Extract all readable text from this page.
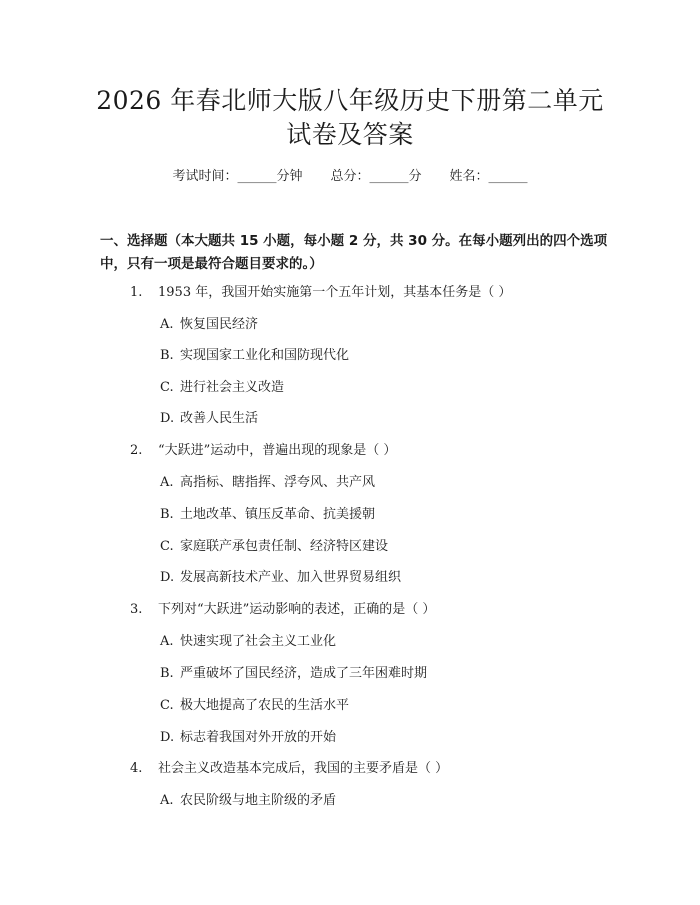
2026 年春北师大版八年级历史下册第二单元
试卷及答案
考试时间：______分钟 总分：______分 姓名：______
一、选择题（本大题共 15 小题，每小题 2 分，共 30 分。在每小题列出的四个选项中，只有一项是最符合题目要求的。）
1. 1953 年，我国开始实施第一个五年计划，其基本任务是（ ）
A. 恢复国民经济
B. 实现国家工业化和国防现代化
C. 进行社会主义改造
D. 改善人民生活
2. “大跃进”运动中，普遍出现的现象是（ ）
A. 高指标、瞎指挥、浮夸风、共产风
B. 土地改革、镇压反革命、抗美援朝
C. 家庭联产承包责任制、经济特区建设
D. 发展高新技术产业、加入世界贸易组织
3. 下列对“大跃进”运动影响的表述，正确的是（ ）
A. 快速实现了社会主义工业化
B. 严重破坏了国民经济，造成了三年困难时期
C. 极大地提高了农民的生活水平
D. 标志着我国对外开放的开始
4. 社会主义改造基本完成后，我国的主要矛盾是（ ）
A. 农民阶级与地主阶级的矛盾
